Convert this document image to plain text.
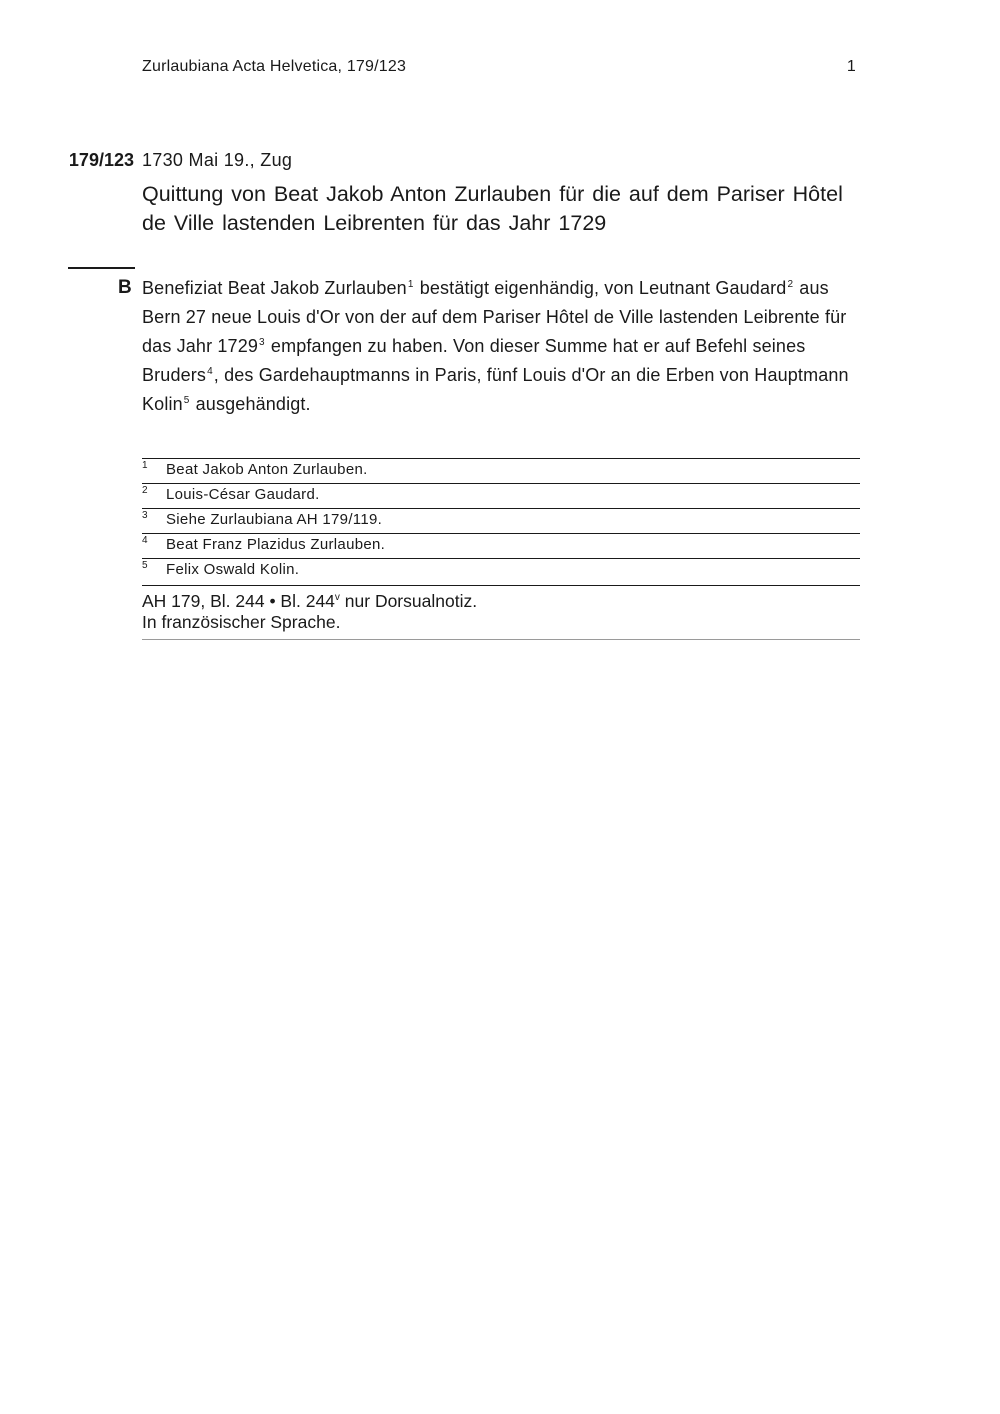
Zurlaubiana Acta Helvetica, 179/123	1
179/123 1730 Mai 19., Zug
Quittung von Beat Jakob Anton Zurlauben für die auf dem Pariser Hôtel de Ville lastenden Leibrenten für das Jahr 1729
B Benefiziat Beat Jakob Zurlauben$^1$ bestätigt eigenhändig, von Leutnant Gaudard$^2$ aus Bern 27 neue Louis d'Or von der auf dem Pariser Hôtel de Ville lastenden Leibrente für das Jahr 1729$^3$ empfangen zu haben. Von dieser Summe hat er auf Befehl seines Bruders$^4$, des Gardehauptmanns in Paris, fünf Louis d'Or an die Erben von Hauptmann Kolin$^5$ ausgehändigt.

1 Beat Jakob Anton Zurlauben.
2 Louis-César Gaudard.
3 Siehe Zurlaubiana AH 179/119.
4 Beat Franz Plazidus Zurlauben.
5 Felix Oswald Kolin.
AH 179, Bl. 244 • Bl. 244$^v$ nur Dorsualnotiz.
In französischer Sprache.
